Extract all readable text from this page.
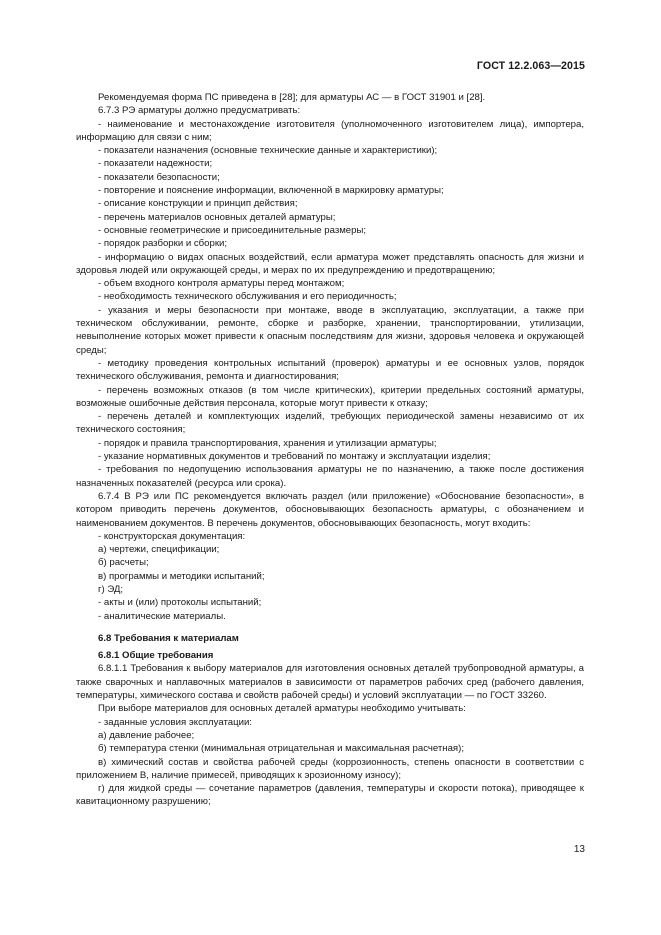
ГОСТ 12.2.063—2015

Рекомендуемая форма ПС приведена в [28]; для арматуры АС — в ГОСТ 31901 и [28].

6.7.3 РЭ арматуры должно предусматривать:

- наименование и местонахождение изготовителя (уполномоченного изготовителем лица), импортера, информацию для связи с ним;

- показатели назначения (основные технические данные и характеристики);

- показатели надежности;

- показатели безопасности;

- повторение и пояснение информации, включенной в маркировку арматуры;

- описание конструкции и принцип действия;

- перечень материалов основных деталей арматуры;

- основные геометрические и присоединительные размеры;

- порядок разборки и сборки;

- информацию о видах опасных воздействий, если арматура может представлять опасность для жизни и здоровья людей или окружающей среды, и мерах по их предупреждению и предотвращению;

- объем входного контроля арматуры перед монтажом;

- необходимость технического обслуживания и его периодичность;

- указания и меры безопасности при монтаже, вводе в эксплуатацию, эксплуатации, а также при техническом обслуживании, ремонте, сборке и разборке, хранении, транспортировании, утилизации, невыполнение которых может привести к опасным последствиям для жизни, здоровья человека и окружающей среды;

- методику проведения контрольных испытаний (проверок) арматуры и ее основных узлов, порядок технического обслуживания, ремонта и диагностирования;

- перечень возможных отказов (в том числе критических), критерии предельных состояний арматуры, возможные ошибочные действия персонала, которые могут привести к отказу;

- перечень деталей и комплектующих изделий, требующих периодической замены независимо от их технического состояния;

- порядок и правила транспортирования, хранения и утилизации арматуры;

- указание нормативных документов и требований по монтажу и эксплуатации изделия;

- требования по недопущению использования арматуры не по назначению, а также после достижения назначенных показателей (ресурса или срока).

6.7.4 В РЭ или ПС рекомендуется включать раздел (или приложение) «Обоснование безопасности», в котором приводить перечень документов, обосновывающих безопасность арматуры, с обозначением и наименованием документов. В перечень документов, обосновывающих безопасность, могут входить:

- конструкторская документация:

а) чертежи, спецификации;

б) расчеты;

в) программы и методики испытаний;

г) ЭД;

- акты и (или) протоколы испытаний;

- аналитические материалы.

6.8 Требования к материалам

6.8.1 Общие требования

6.8.1.1 Требования к выбору материалов для изготовления основных деталей трубопроводной арматуры, а также сварочных и наплавочных материалов в зависимости от параметров рабочих сред (рабочего давления, температуры, химического состава и свойств рабочей среды) и условий эксплуатации — по ГОСТ 33260.

При выборе материалов для основных деталей арматуры необходимо учитывать:

- заданные условия эксплуатации:

а) давление рабочее;

б) температура стенки (минимальная отрицательная и максимальная расчетная);

в) химический состав и свойства рабочей среды (коррозионность, степень опасности в соответствии с приложением В, наличие примесей, приводящих к эрозионному износу);

г) для жидкой среды — сочетание параметров (давления, температуры и скорости потока), приводящее к кавитационному разрушению;

13
